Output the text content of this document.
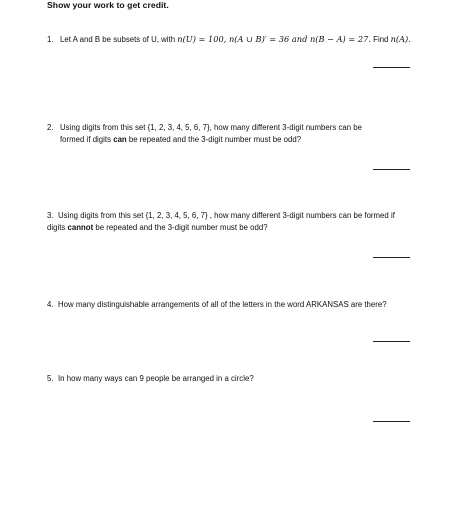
Show your work to get credit.
1. Let A and B be subsets of U, with n(U) = 100, n(A ∪ B)′ = 36 and n(B − A) = 27. Find n(A).
2. Using digits from this set {1, 2, 3, 4, 5, 6, 7}, how many different 3-digit numbers can be
formed if digits can be repeated and the 3-digit number must be odd?
3. Using digits from this set {1, 2, 3, 4, 5, 6, 7} , how many different 3-digit numbers can be formed if
digits cannot be repeated and the 3-digit number must be odd?
4. How many distinguishable arrangements of all of the letters in the word ARKANSAS are there?
5. In how many ways can 9 people be arranged in a circle?
